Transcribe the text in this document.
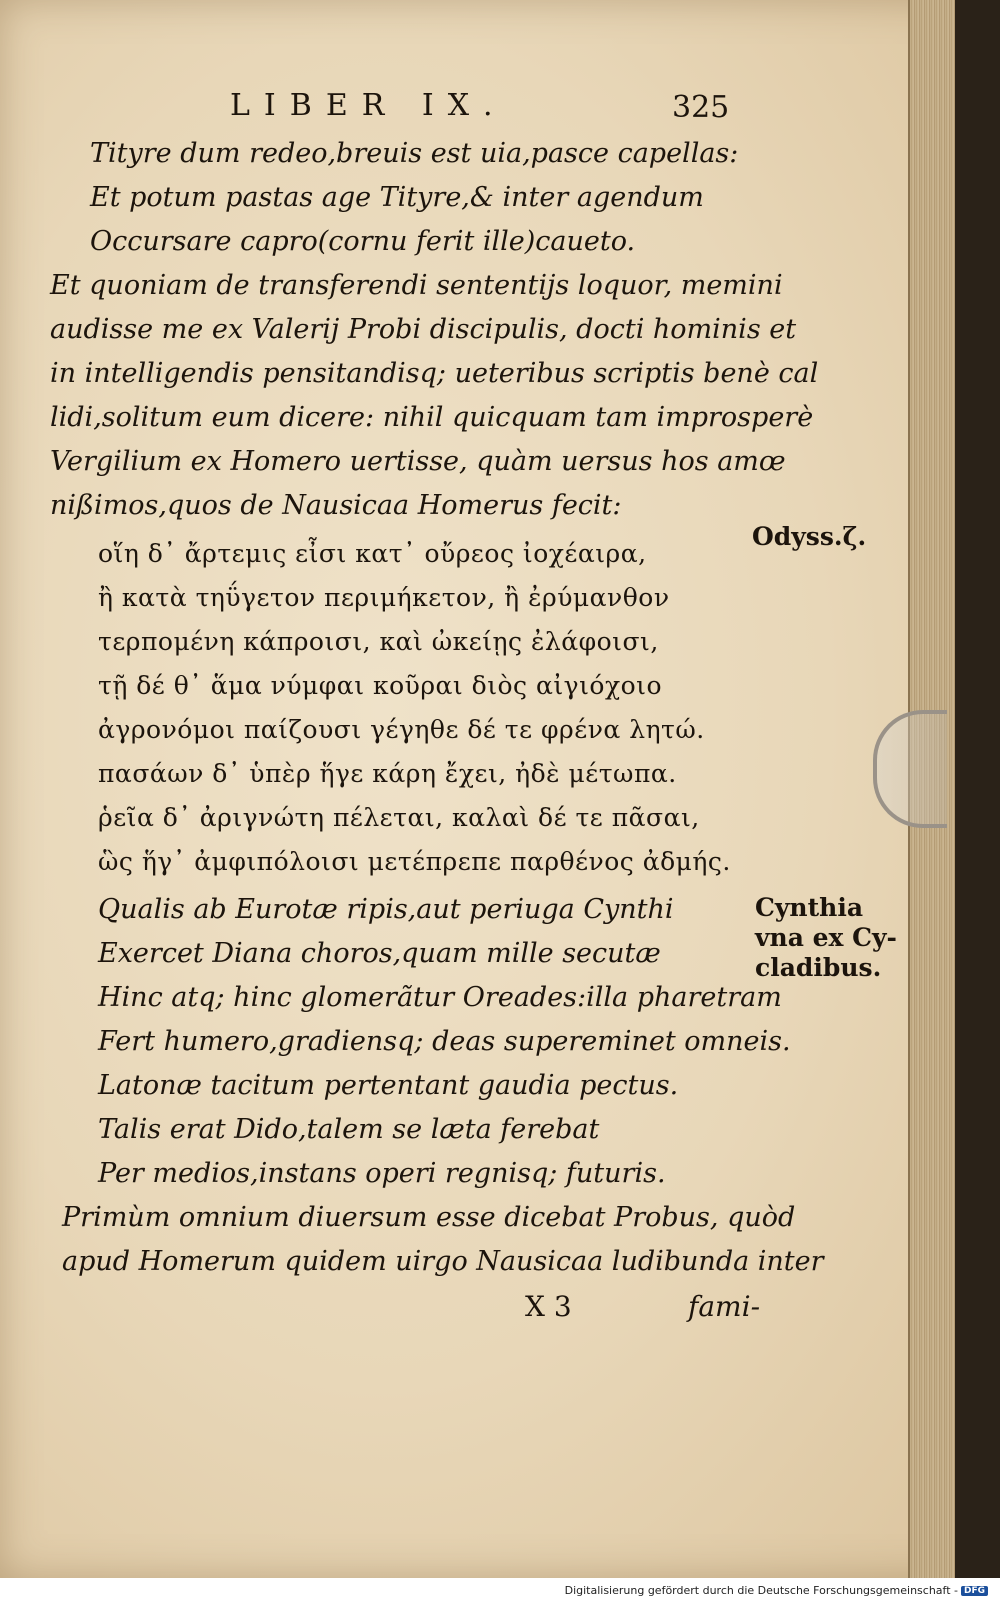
LIBER IX.	325
Tityre dum redeo,breuis est uia,pasce capellas:
Et potum pastas age Tityre,& inter agendum
Occursare capro(cornu ferit ille)caueto.
Et quoniam de transferendi sententijs loquor, memini
audisse me ex Valerij Probi discipulis, docti hominis et
in intelligendis pensitandisq; ueteribus scriptis benè cal
lidi,solitum eum dicere: nihil quicquam tam improsperè
Vergilium ex Homero uertisse, quàm uersus hos amœ
nißimos,quos de Nausicaa Homerus fecit:
οἵη δ᾽ ἄρτεμις εἶσι κατ᾽ οὔρεος ἰοχέαιρα,
ἢ κατὰ τηΰγετον περιμήκετον, ἢ ἐρύμανθον
τερπομένη κάπροισι, καὶ ὠκείῃς ἐλάφοισι,
τῇ δέ θ᾽ ἅμα νύμφαι κοῦραι διὸς αἰγιόχοιο
ἀγρονόμοι παίζουσι γέγηθε δέ τε φρένα λητώ.
πασάων δ᾽ ὑπὲρ ἥγε κάρη ἔχει, ἠδὲ μέτωπα.
ῥεῖα δ᾽ ἀριγνώτη πέλεται, καλαὶ δέ τε πᾶσαι,
ὣς ἥγ᾽ ἀμφιπόλοισι μετέπρεπε παρθένος ἀδμής.
Qualis ab Eurotæ ripis,aut periuga Cynthi
Exercet Diana choros,quam mille secutæ
Hinc atq; hinc glomerãtur Oreades:illa pharetram
Fert humero,gradiensq; deas supereminet omneis.
Latonæ tacitum pertentant gaudia pectus.
Talis erat Dido,talem se læta ferebat
Per medios,instans operi regnisq; futuris.
Primùm omnium diuersum esse dicebat Probus, quòd
apud Homerum quidem uirgo Nausicaa ludibunda inter
Odyss.ζ.
Cynthia
vna ex Cy-
cladibus.
X 3	fami-
Digitalisierung gefördert durch die Deutsche Forschungsgemeinschaft - DFG
